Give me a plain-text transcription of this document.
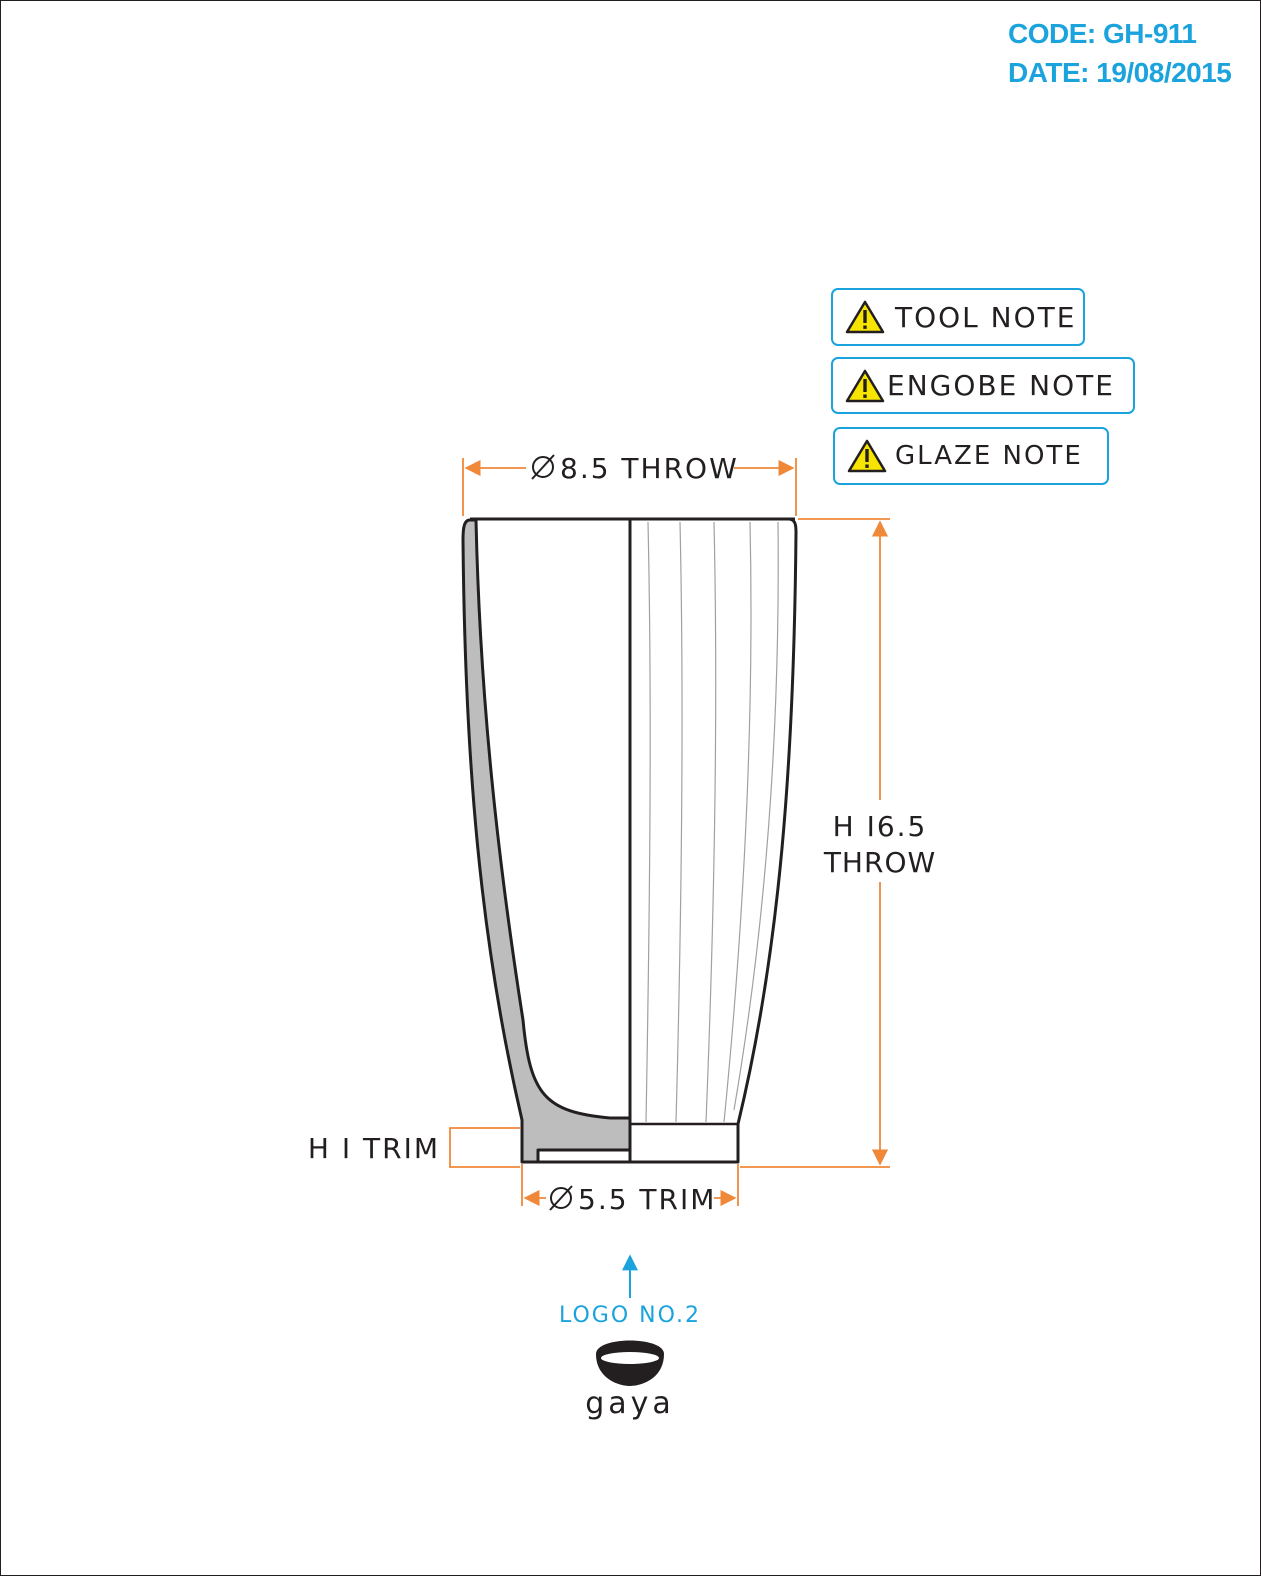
CODE: GH-911
DATE: 19/08/2015
TOOL NOTE
ENGOBE NOTE
GLAZE NOTE
8.5 THROW
H I6.5
THROW
H I TRIM
5.5 TRIM
LOGO NO.2
gaya
